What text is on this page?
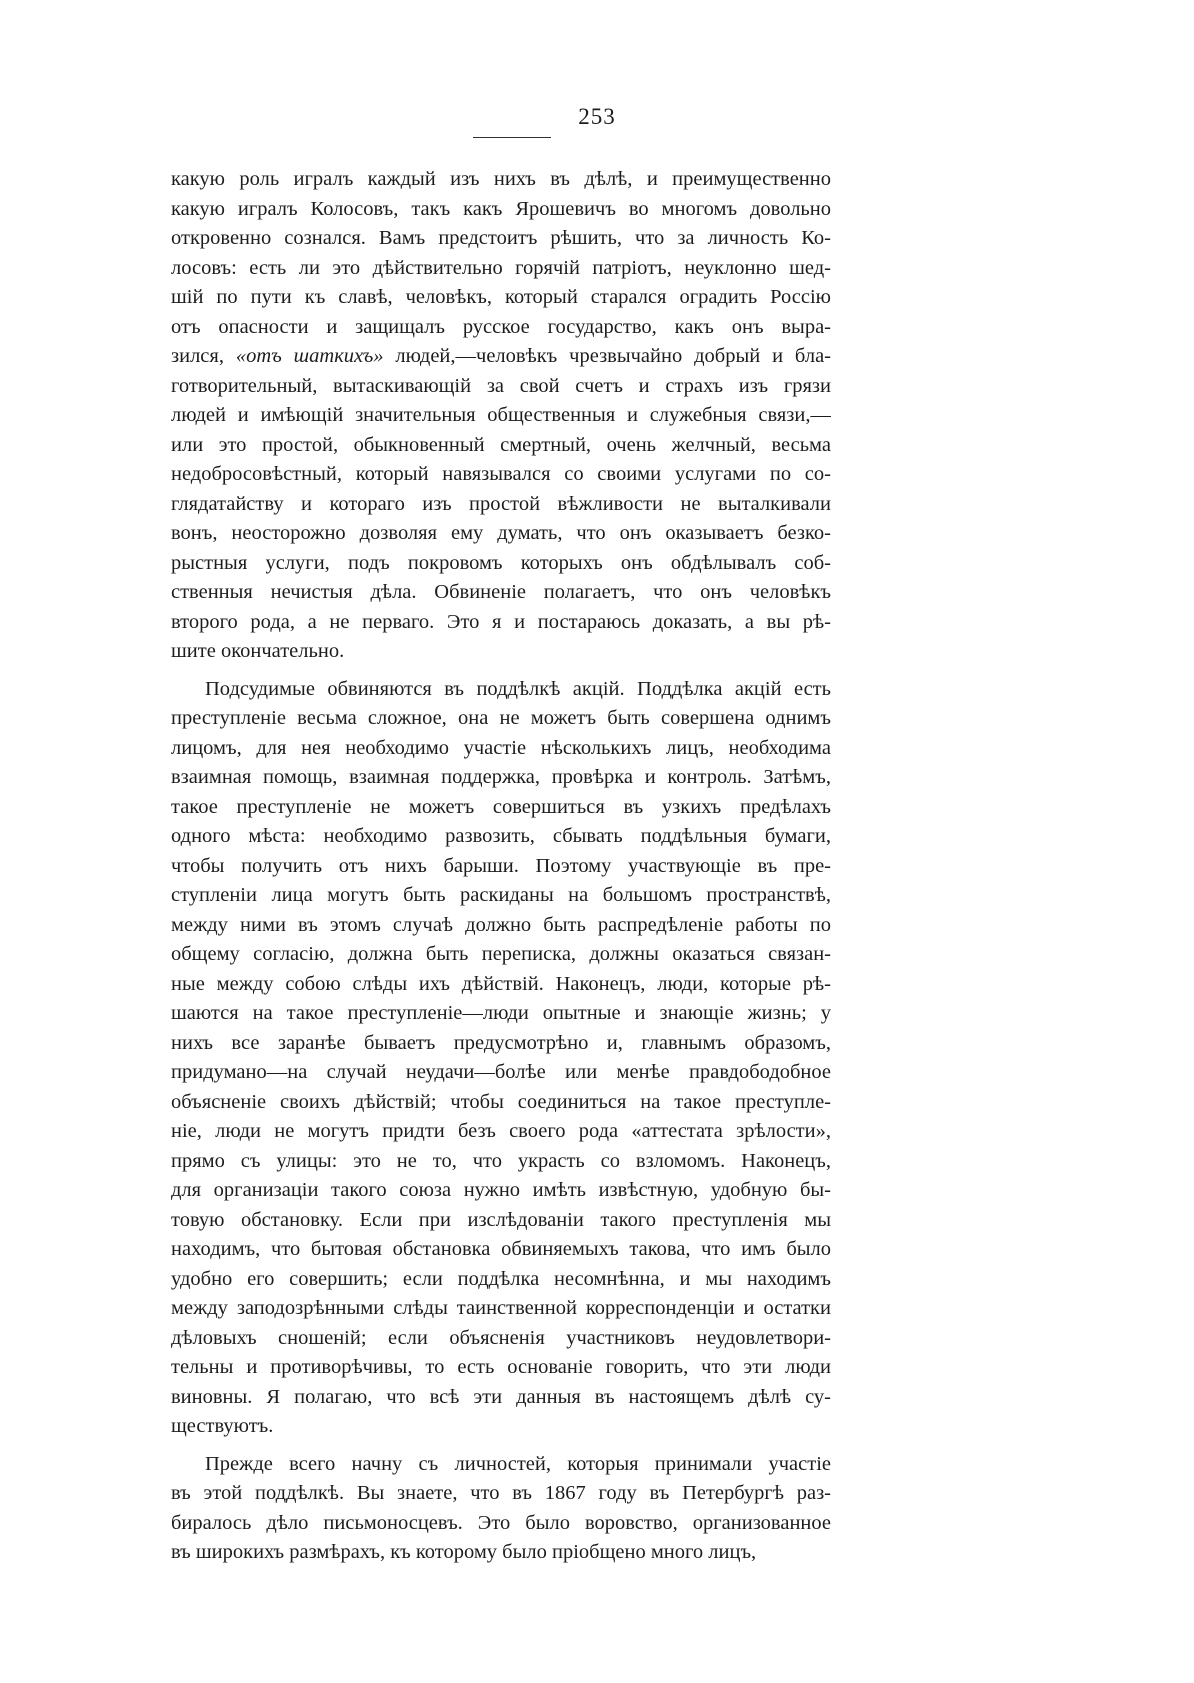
253
какую роль игралъ каждый изъ нихъ въ дѣлѣ, и преимущественно
какую игралъ Колосовъ, такъ какъ Ярошевичъ во многомъ довольно
откровенно сознался. Вамъ предстоитъ рѣшить, что за личность Ко-
лосовъ: есть ли это дѣйствительно горячій патріотъ, неуклонно шед-
шій по пути къ славѣ, человѣкъ, который старался оградить Россію
отъ опасности и защищалъ русское государство, какъ онъ выра-
зился, «отъ шаткихъ» людей,—человѣкъ чрезвычайно добрый и бла-
готворительный, вытаскивающій за свой счетъ и страхъ изъ грязи
людей и имѣющій значительныя общественныя и служебныя связи,—
или это простой, обыкновенный смертный, очень желчный, весьма
недобросовѣстный, который навязывался со своими услугами по со-
глядатайству и котораго изъ простой вѣжливости не выталкивали
вонъ, неосторожно дозволяя ему думать, что онъ оказываетъ безко-
рыстныя услуги, подъ покровомъ которыхъ онъ обдѣлывалъ соб-
ственныя нечистыя дѣла. Обвиненіе полагаетъ, что онъ человѣкъ
второго рода, а не перваго. Это я и постараюсь доказать, а вы рѣ-
шите окончательно.
Подсудимые обвиняются въ поддѣлкѣ акцій. Поддѣлка акцій есть
преступленіе весьма сложное, она не можетъ быть совершена однимъ
лицомъ, для нея необходимо участіе нѣсколькихъ лицъ, необходима
взаимная помощь, взаимная поддержка, провѣрка и контроль. Затѣмъ,
такое преступленіе не можетъ совершиться въ узкихъ предѣлахъ
одного мѣста: необходимо развозить, сбывать поддѣльныя бумаги,
чтобы получить отъ нихъ барыши. Поэтому участвующіе въ пре-
ступленіи лица могутъ быть раскиданы на большомъ пространствѣ,
между ними въ этомъ случаѣ должно быть распредѣленіе работы по
общему согласію, должна быть переписка, должны оказаться связан-
ные между собою слѣды ихъ дѣйствій. Наконецъ, люди, которые рѣ-
шаются на такое преступленіе—люди опытные и знающіе жизнь; у
нихъ все заранѣе бываетъ предусмотрѣно и, главнымъ образомъ,
придумано—на случай неудачи—болѣе или менѣе правдободобное
объясненіе своихъ дѣйствій; чтобы соединиться на такое преступле-
ніе, люди не могутъ придти безъ своего рода «аттестата зрѣлости»,
прямо съ улицы: это не то, что украсть со взломомъ. Наконецъ,
для организаціи такого союза нужно имѣть извѣстную, удобную бы-
товую обстановку. Если при изслѣдованіи такого преступленія мы
находимъ, что бытовая обстановка обвиняемыхъ такова, что имъ было
удобно его совершить; если поддѣлка несомнѣнна, и мы находимъ
между заподозрѣнными слѣды таинственной корреспонденціи и остатки
дѣловыхъ сношеній; если объясненія участниковъ неудовлетвори-
тельны и противорѣчивы, то есть основаніе говорить, что эти люди
виновны. Я полагаю, что всѣ эти данныя въ настоящемъ дѣлѣ су-
ществуютъ.
Прежде всего начну съ личностей, которыя принимали участіе
въ этой поддѣлкѣ. Вы знаете, что въ 1867 году въ Петербургѣ раз-
биралось дѣло письмоносцевъ. Это было воровство, организованное
въ широкихъ размѣрахъ, къ которому было пріобщено много лицъ,
